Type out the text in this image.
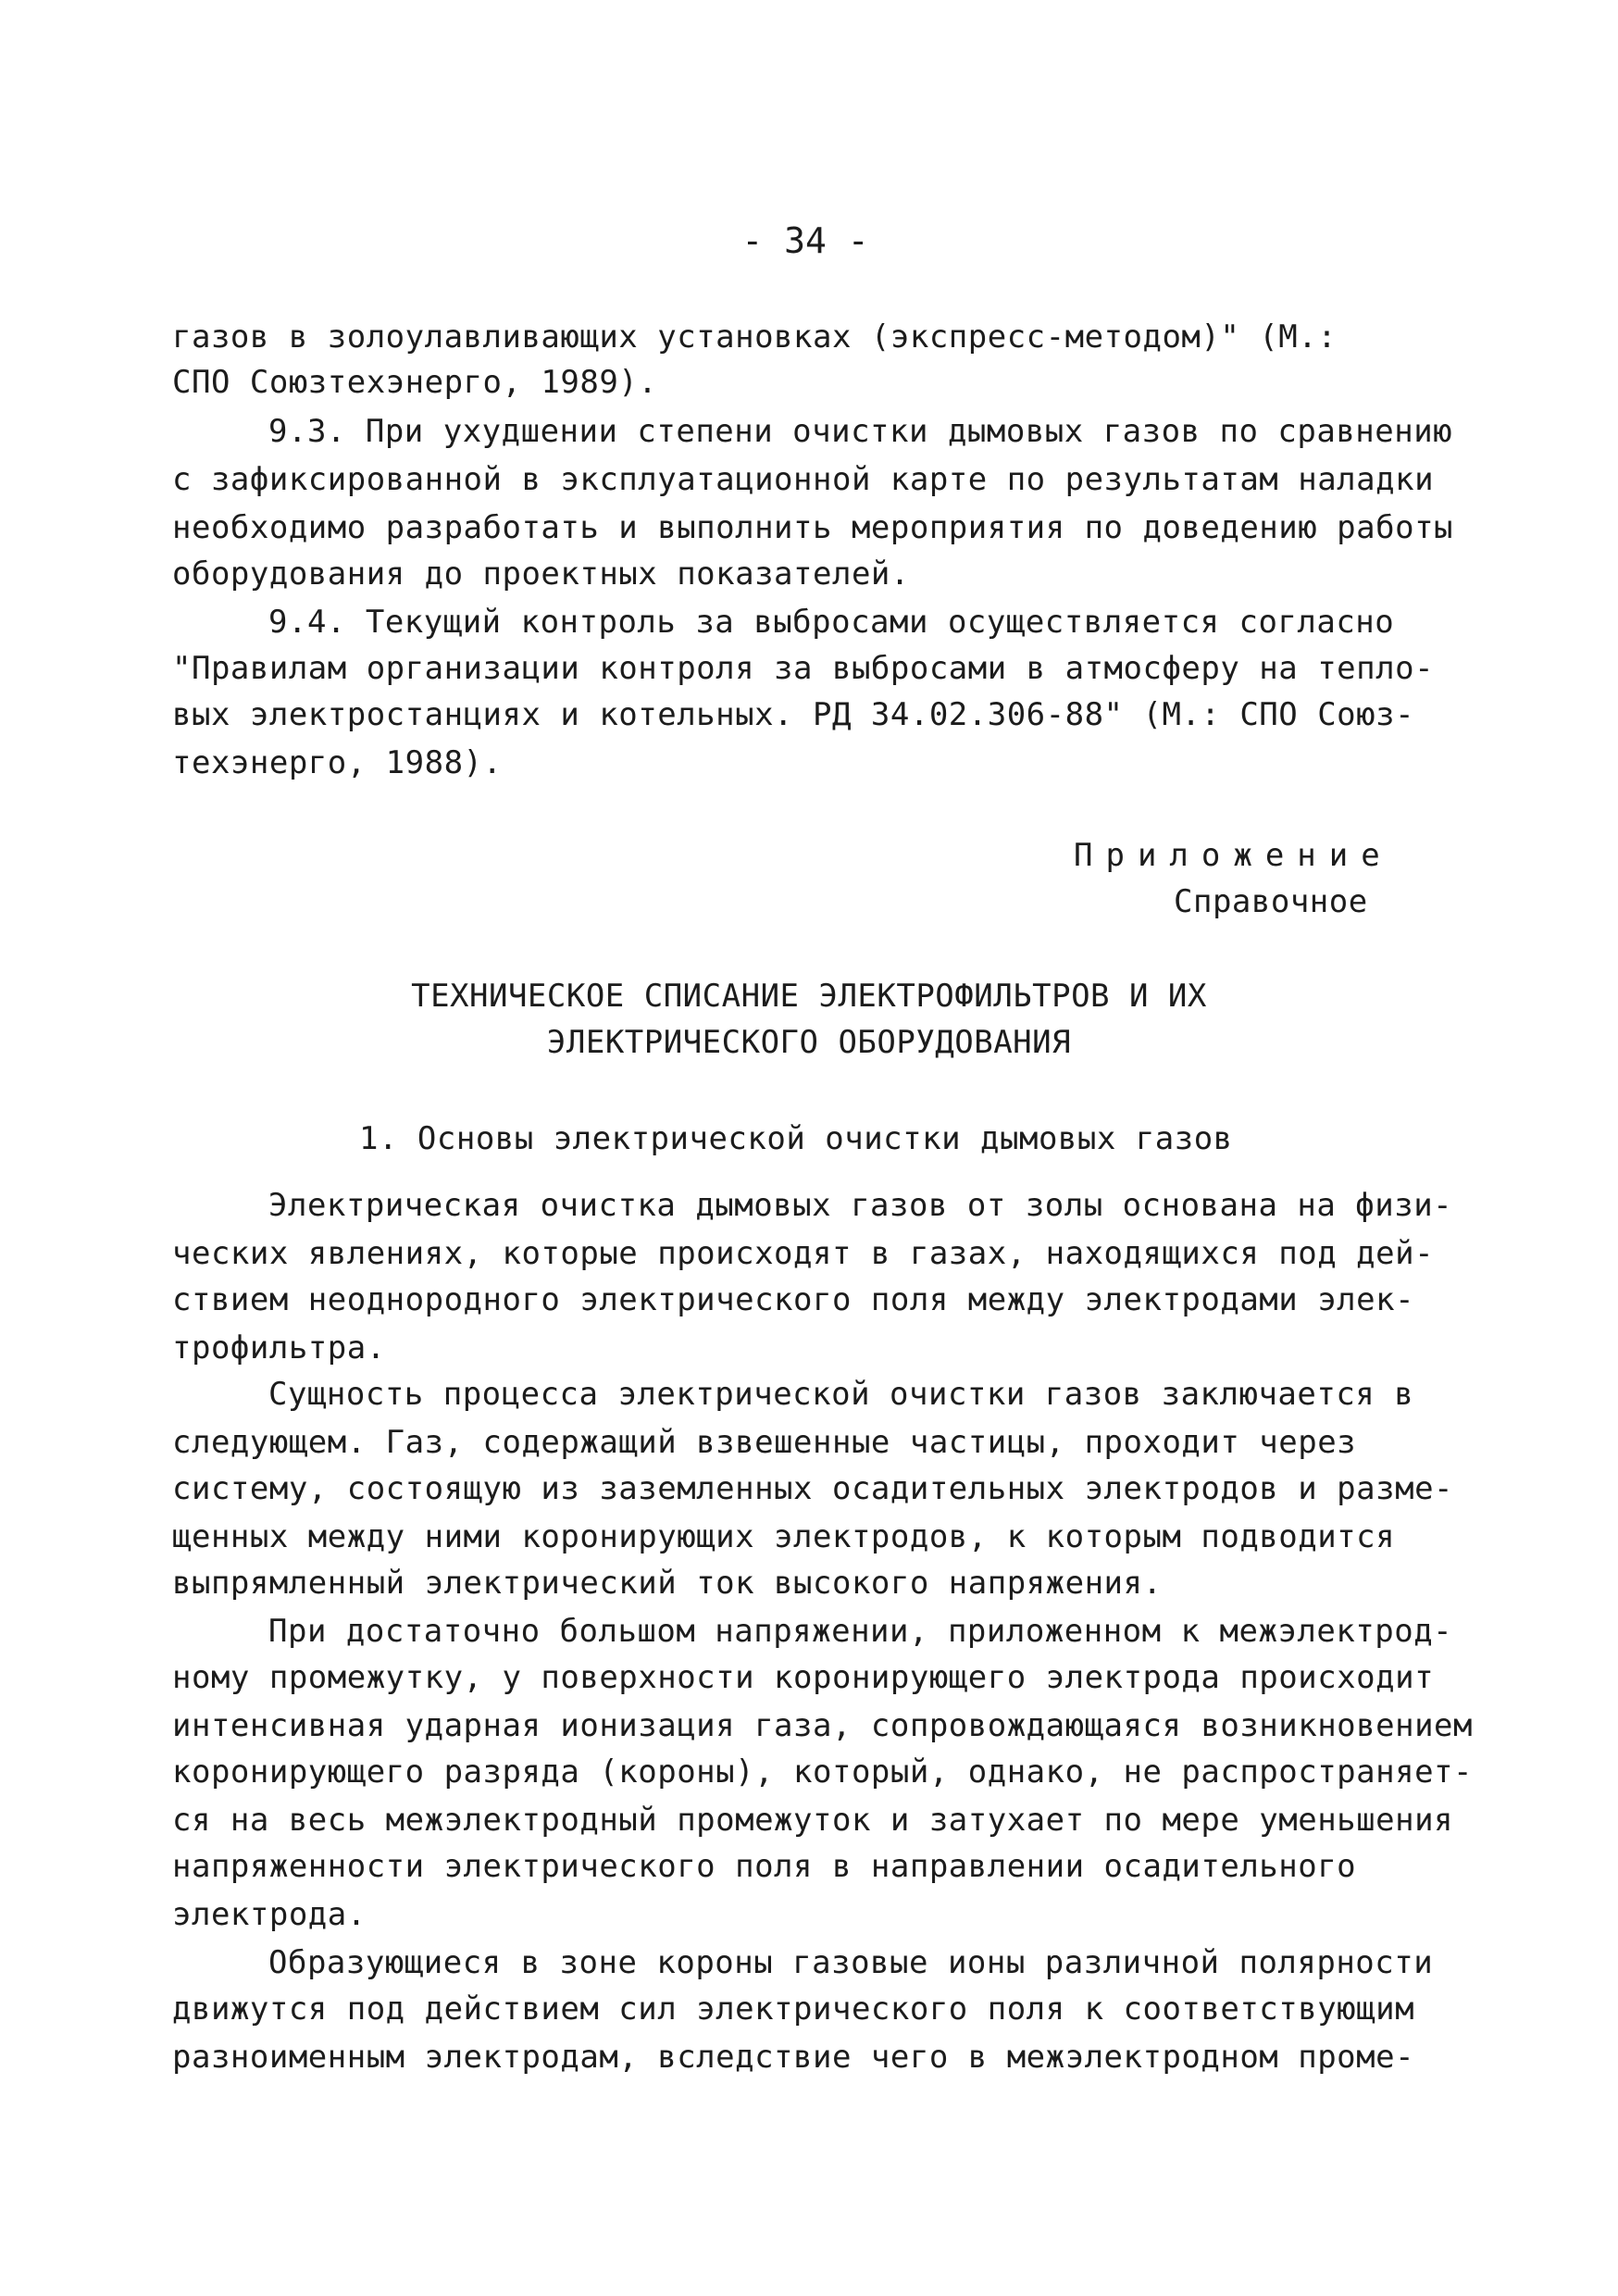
- 34 -
газов в золоулавливающих установках (экспресс-методом)" (М.:
СПО Союзтехэнерго, 1989).
9.3. При ухудшении степени очистки дымовых газов по сравнению
с зафиксированной в эксплуатационной карте по результатам наладки
необходимо разработать и выполнить мероприятия по доведению работы
оборудования до проектных показателей.
9.4. Текущий контроль за выбросами осуществляется согласно
"Правилам организации контроля за выбросами в атмосферу на тепло-
вых электростанциях и котельных. РД 34.02.306-88" (М.: СПО Союз-
техэнерго, 1988).
Приложение
Справочное
ТЕХНИЧЕСКОЕ СПИСАНИЕ ЭЛЕКТРОФИЛЬТРОВ И ИХ
ЭЛЕКТРИЧЕСКОГО ОБОРУДОВАНИЯ
1. Основы электрической очистки дымовых газов
Электрическая очистка дымовых газов от золы основана на физи-
ческих явлениях, которые происходят в газах, находящихся под дей-
ствием неоднородного электрического поля между электродами элек-
трофильтра.
Сущность процесса электрической очистки газов заключается в
следующем. Газ, содержащий взвешенные частицы, проходит через
систему, состоящую из заземленных осадительных электродов и разме-
щенных между ними коронирующих электродов, к которым подводится
выпрямленный электрический ток высокого напряжения.
При достаточно большом напряжении, приложенном к межэлектрод-
ному промежутку, у поверхности коронирующего электрода происходит
интенсивная ударная ионизация газа, сопровождающаяся возникновением
коронирующего разряда (короны), который, однако, не распространяет-
ся на весь межэлектродный промежуток и затухает по мере уменьшения
напряженности электрического поля в направлении осадительного
электрода.
Образующиеся в зоне короны газовые ионы различной полярности
движутся под действием сил электрического поля к соответствующим
разноименным электродам, вследствие чего в межэлектродном проме-
